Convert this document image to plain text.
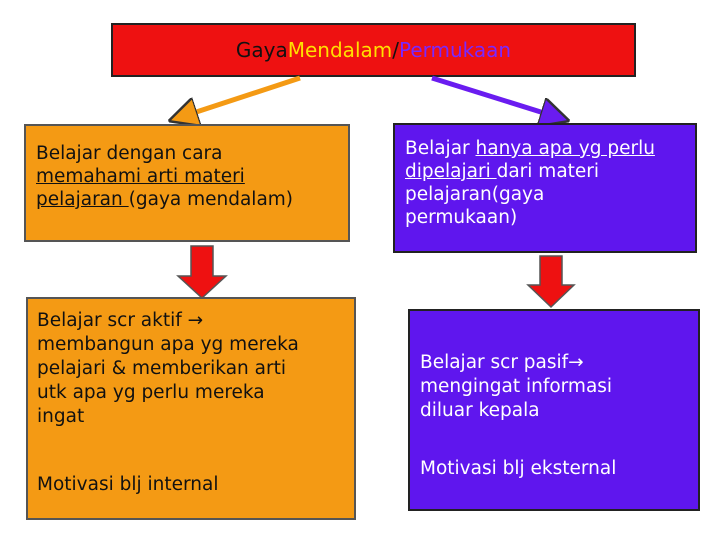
Gaya Mendalam / Permukaan
Belajar dengan cara
memahami arti materi
pelajaran (gaya mendalam)
Belajar hanya apa yg perlu
dipelajari dari materi
pelajaran(gaya
permukaan)
Belajar scr aktif →
membangun apa yg mereka
pelajari & memberikan arti
utk apa yg perlu mereka
ingat
Motivasi blj internal
Belajar scr pasif→
mengingat informasi
diluar kepala
Motivasi blj eksternal
